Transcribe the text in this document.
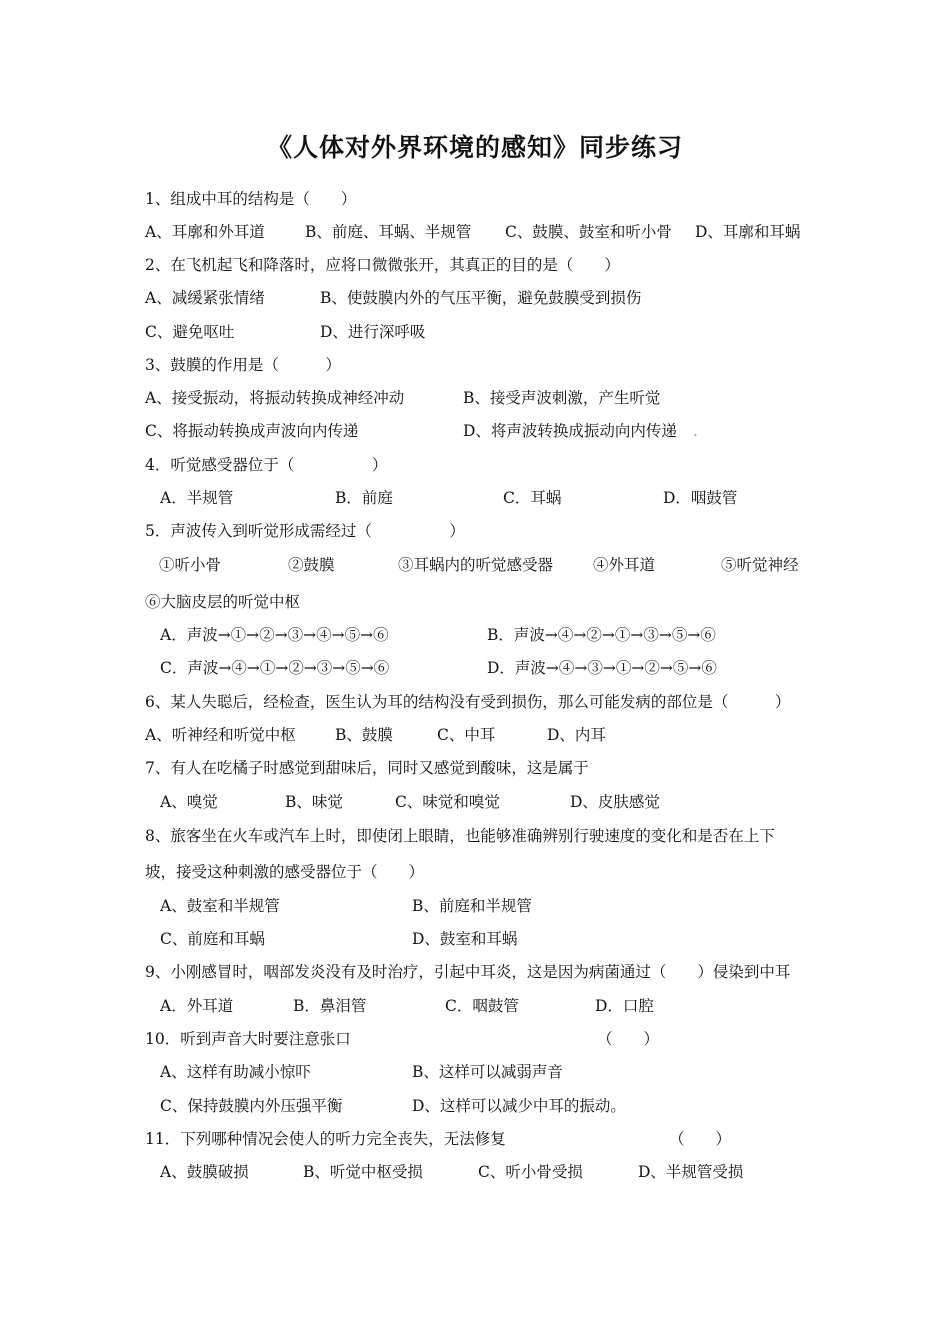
《人体对外界环境的感知》同步练习
1、组成中耳的结构是（　　）
A、耳廓和外耳道	B、前庭、耳蜗、半规管 C、鼓膜、鼓室和听小骨 D、耳廓和耳蜗
2、在飞机起飞和降落时，应将口微微张开，其真正的目的是（　　）
A、减缓紧张情绪	B、使鼓膜内外的气压平衡，避免鼓膜受到损伤
C、避免呕吐	D、进行深呼吸
3、鼓膜的作用是（　　　）
A、接受振动，将振动转换成神经冲动	B、接受声波刺激，产生听觉
C、将振动转换成声波向内传递	D、将声波转换成振动向内传递 .
4．听觉感受器位于（　　　　　）
A．半规管	B．前庭	C．耳蜗	D．咽鼓管
5．声波传入到听觉形成需经过（　　　　　）
①听小骨	②鼓膜	③耳蜗内的听觉感受器	④外耳道	⑤听觉神经
⑥大脑皮层的听觉中枢
A．声波→①→②→③→④→⑤→⑥	B．声波→④→②→①→③→⑤→⑥
C．声波→④→①→②→③→⑤→⑥	D．声波→④→③→①→②→⑤→⑥
6、某人失聪后，经检查，医生认为耳的结构没有受到损伤，那么可能发病的部位是（　　　）
A、听神经和听觉中枢	B、鼓膜	C、中耳	D、内耳
7、有人在吃橘子时感觉到甜味后，同时又感觉到酸味，这是属于
A、嗅觉	B、味觉	C、味觉和嗅觉	D、皮肤感觉
8、旅客坐在火车或汽车上时，即使闭上眼睛，也能够准确辨别行驶速度的变化和是否在上下
坡，接受这种刺激的感受器位于（　　）
A、鼓室和半规管	B、前庭和半规管
C、前庭和耳蜗	D、鼓室和耳蜗
9、小刚感冒时，咽部发炎没有及时治疗，引起中耳炎，这是因为病菌通过（　　）侵染到中耳
A．外耳道	B．鼻泪管	C．咽鼓管	D．口腔
10．听到声音大时要注意张口	（　　）
A、这样有助减小惊吓	B、这样可以减弱声音
C、保持鼓膜内外压强平衡	D、这样可以减少中耳的振动。
11．下列哪种情况会使人的听力完全丧失，无法修复	（　　）
A、鼓膜破损	B、听觉中枢受损	C、听小骨受损	D、半规管受损
